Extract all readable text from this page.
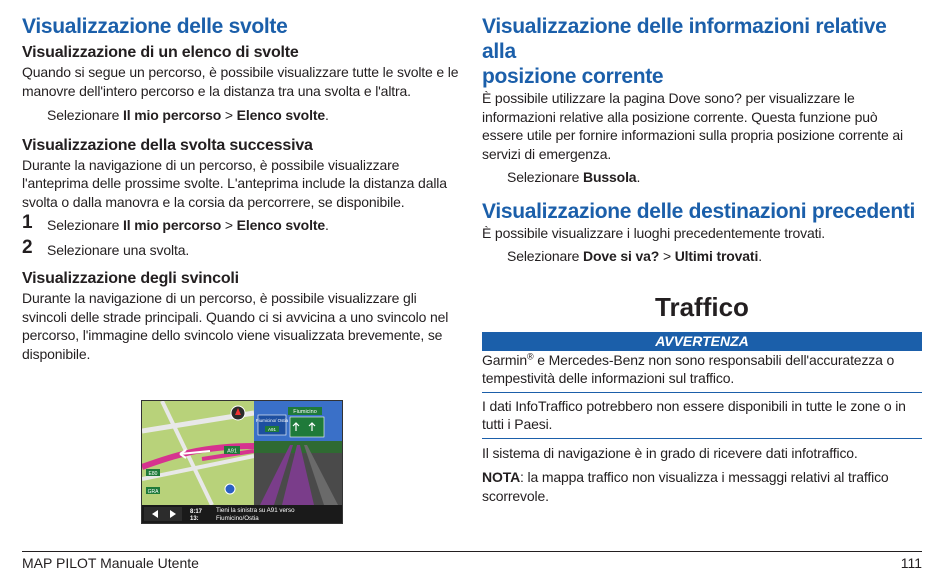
Visualizzazione delle svolte
Visualizzazione di un elenco di svolte

Quando si segue un percorso, è possibile visualizzare tutte le svolte e le

manovre dell'intero percorso e la distanza tra una svolta e l'altra.

Selezionare Il mio percorso > Elenco svolte.

Visualizzazione della svolta successiva

Durante la navigazione di un percorso, è possibile visualizzare

l'anteprima delle prossime svolte. L'anteprima include la distanza dalla

svolta o dalla manovra e la corsia da percorrere, se disponibile.

1 Selezionare Il mio percorso > Elenco svolte.

2 Selezionare una svolta.

Visualizzazione degli svincoli

Durante la navigazione di un percorso, è possibile visualizzare gli

svincoli delle strade principali. Quando ci si avvicina a uno svincolo nel

percorso, l'immagine dello svincolo viene visualizzata brevemente, se

disponibile.

A91
E80
GRA
Fiumicino
Fiumicino/ Ostia
A91
8:17
13:
Tieni la sinistra su A91 verso
Fiumicino/Ostia
Visualizzazione delle informazioni relative alla
posizione corrente

È possibile utilizzare la pagina Dove sono? per visualizzare le

informazioni relative alla posizione corrente. Questa funzione può

essere utile per fornire informazioni sulla propria posizione corrente ai

servizi di emergenza.

Selezionare Bussola.

Visualizzazione delle destinazioni precedenti

È possibile visualizzare i luoghi precedentemente trovati.

Selezionare Dove si va? > Ultimi trovati.

Traffico
AVVERTENZA

Garmin® e Mercedes-Benz non sono responsabili dell'accuratezza o

tempestività delle informazioni sul traffico.

I dati InfoTraffico potrebbero non essere disponibili in tutte le zone o in

tutti i Paesi.

Il sistema di navigazione è in grado di ricevere dati infotraffico.

NOTA: la mappa traffico non visualizza i messaggi relativi al traffico

scorrevole.

MAP PILOT Manuale Utente	111
